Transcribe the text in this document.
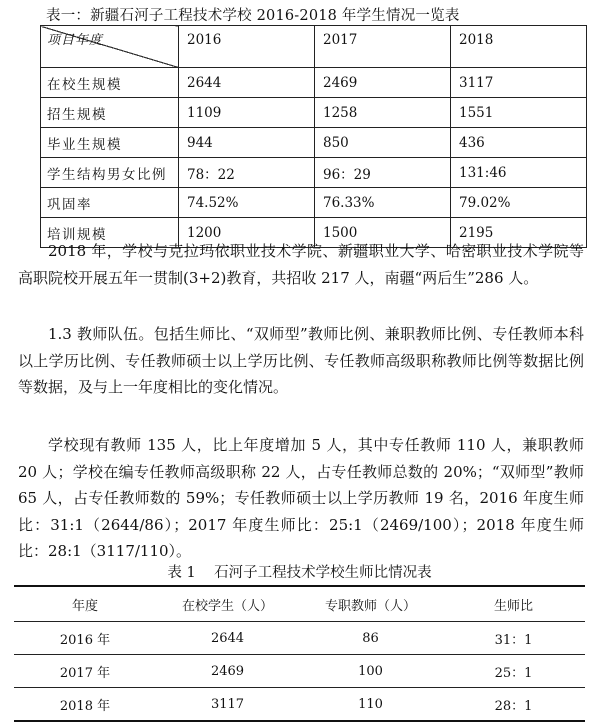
表一：新疆石河子工程技术学校 2016-2018 年学生情况一览表
项目年度	2016	2017	2018
在校生规模	2644	2469	3117
招生规模	1109	1258	1551
毕业生规模	944	850	436
学生结构男女比例	78：22	96：29	131:46
巩固率	74.52%	76.33%	79.02%
培训规模	1200	1500	2195

2018 年，学校与克拉玛依职业技术学院、新疆职业大学、哈密职业技术学院等高职院校开展五年一贯制(3+2)教育，共招收 217 人，南疆“两后生”286 人。

1.3 教师队伍。包括生师比、“双师型”教师比例、兼职教师比例、专任教师本科以上学历比例、专任教师硕士以上学历比例、专任教师高级职称教师比例等数据比例等数据，及与上一年度相比的变化情况。

学校现有教师 135 人，比上年度增加 5 人，其中专任教师 110 人，兼职教师 20 人；学校在编专任教师高级职称 22 人，占专任教师总数的 20%；“双师型”教师 65 人，占专任教师数的 59%；专任教师硕士以上学历教师 19 名，2016 年度生师比：31:1（2644/86）；2017 年度生师比：25:1（2469/100）；2018 年度生师比：28:1（3117/110）。

表 1    石河子工程技术学校生师比情况表
年度	在校学生（人）	专职教师（人）	生师比
2016 年	2644	86	31：1
2017 年	2469	100	25：1
2018 年	3117	110	28：1
